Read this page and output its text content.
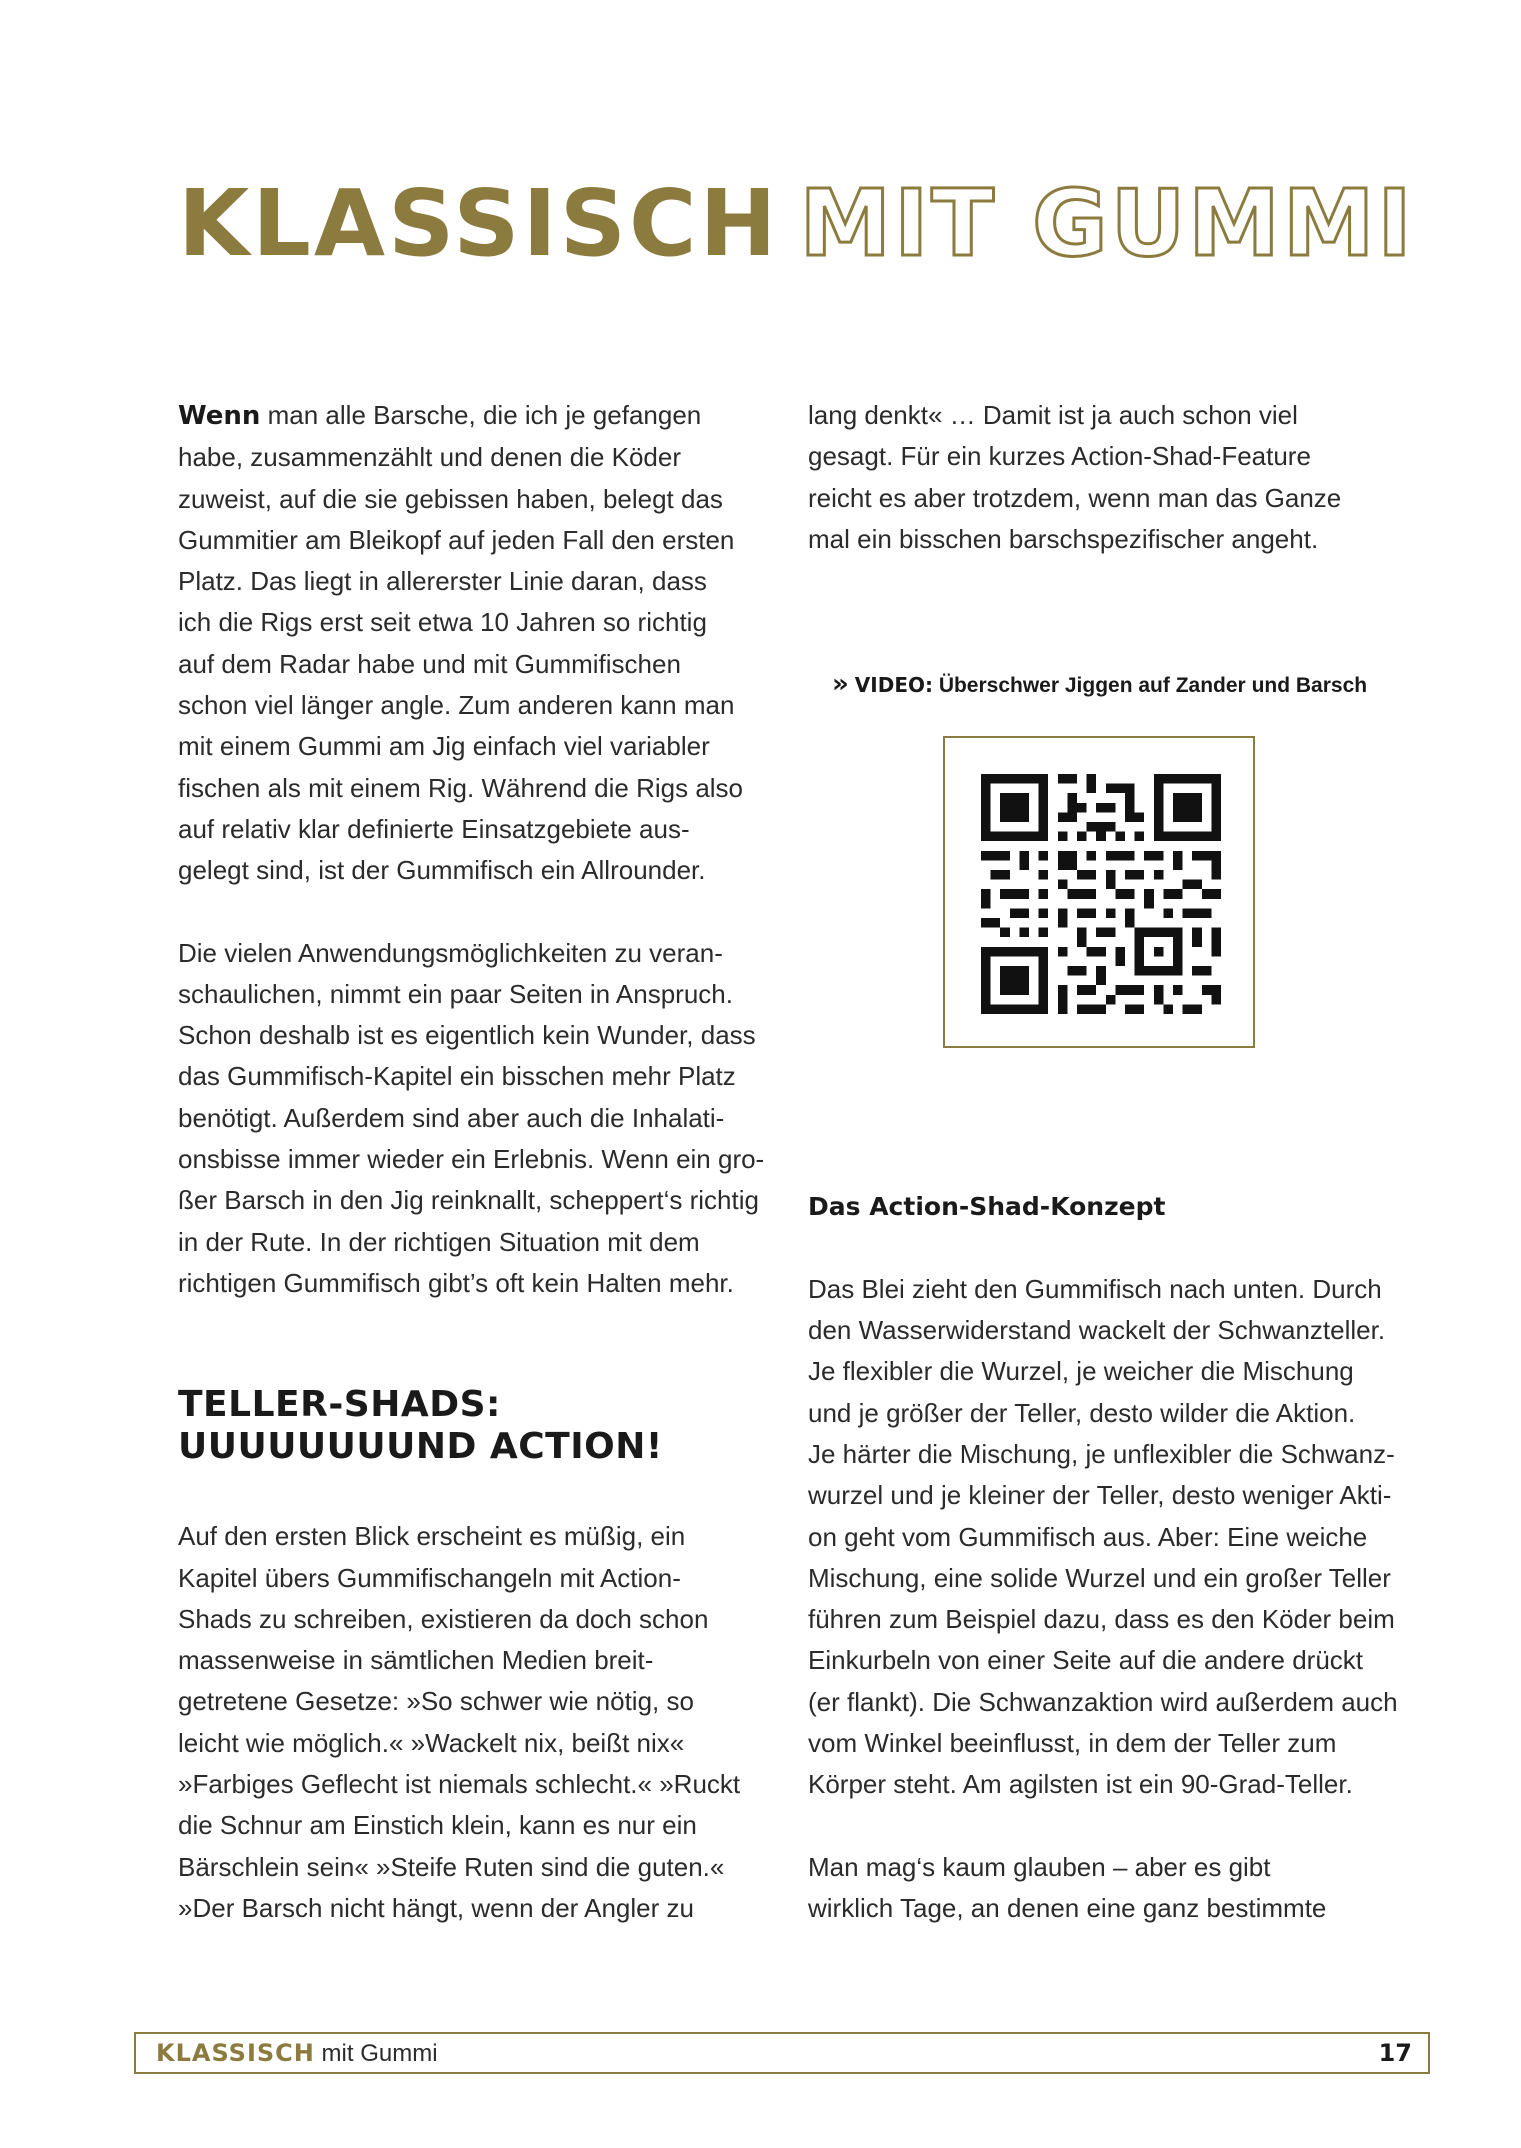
KLASSISCH MIT GUMMI

Wenn man alle Barsche, die ich je gefangen
habe, zusammenzählt und denen die Köder
zuweist, auf die sie gebissen haben, belegt das
Gummitier am Bleikopf auf jeden Fall den ersten
Platz. Das liegt in allererster Linie daran, dass
ich die Rigs erst seit etwa 10 Jahren so richtig
auf dem Radar habe und mit Gummifischen
schon viel länger angle. Zum anderen kann man
mit einem Gummi am Jig einfach viel variabler
fischen als mit einem Rig. Während die Rigs also
auf relativ klar definierte Einsatzgebiete aus-
gelegt sind, ist der Gummifisch ein Allrounder.

Die vielen Anwendungsmöglichkeiten zu veran-
schaulichen, nimmt ein paar Seiten in Anspruch.
Schon deshalb ist es eigentlich kein Wunder, dass
das Gummifisch-Kapitel ein bisschen mehr Platz
benötigt. Außerdem sind aber auch die Inhalati-
onsbisse immer wieder ein Erlebnis. Wenn ein gro-
ßer Barsch in den Jig reinknallt, scheppert‘s richtig
in der Rute. In der richtigen Situation mit dem
richtigen Gummifisch gibt’s oft kein Halten mehr.

TELLER-SHADS:
UUUUUUUUND ACTION!

Auf den ersten Blick erscheint es müßig, ein
Kapitel übers Gummifischangeln mit Action-
Shads zu schreiben, existieren da doch schon
massenweise in sämtlichen Medien breit-
getretene Gesetze: »So schwer wie nötig, so
leicht wie möglich.« »Wackelt nix, beißt nix«
»Farbiges Geflecht ist niemals schlecht.« »Ruckt
die Schnur am Einstich klein, kann es nur ein
Bärschlein sein« »Steife Ruten sind die guten.«
»Der Barsch nicht hängt, wenn der Angler zu

lang denkt« … Damit ist ja auch schon viel
gesagt. Für ein kurzes Action-Shad-Feature
reicht es aber trotzdem, wenn man das Ganze
mal ein bisschen barschspezifischer angeht.

» VIDEO: Überschwer Jiggen auf Zander und Barsch

Das Action-Shad-Konzept

Das Blei zieht den Gummifisch nach unten. Durch
den Wasserwiderstand wackelt der Schwanzteller.
Je flexibler die Wurzel, je weicher die Mischung
und je größer der Teller, desto wilder die Aktion.
Je härter die Mischung, je unflexibler die Schwanz-
wurzel und je kleiner der Teller, desto weniger Akti-
on geht vom Gummifisch aus. Aber: Eine weiche
Mischung, eine solide Wurzel und ein großer Teller
führen zum Beispiel dazu, dass es den Köder beim
Einkurbeln von einer Seite auf die andere drückt
(er flankt). Die Schwanzaktion wird außerdem auch
vom Winkel beeinflusst, in dem der Teller zum
Körper steht. Am agilsten ist ein 90-Grad-Teller.

Man mag‘s kaum glauben – aber es gibt
wirklich Tage, an denen eine ganz bestimmte

KLASSISCH mit Gummi	17
